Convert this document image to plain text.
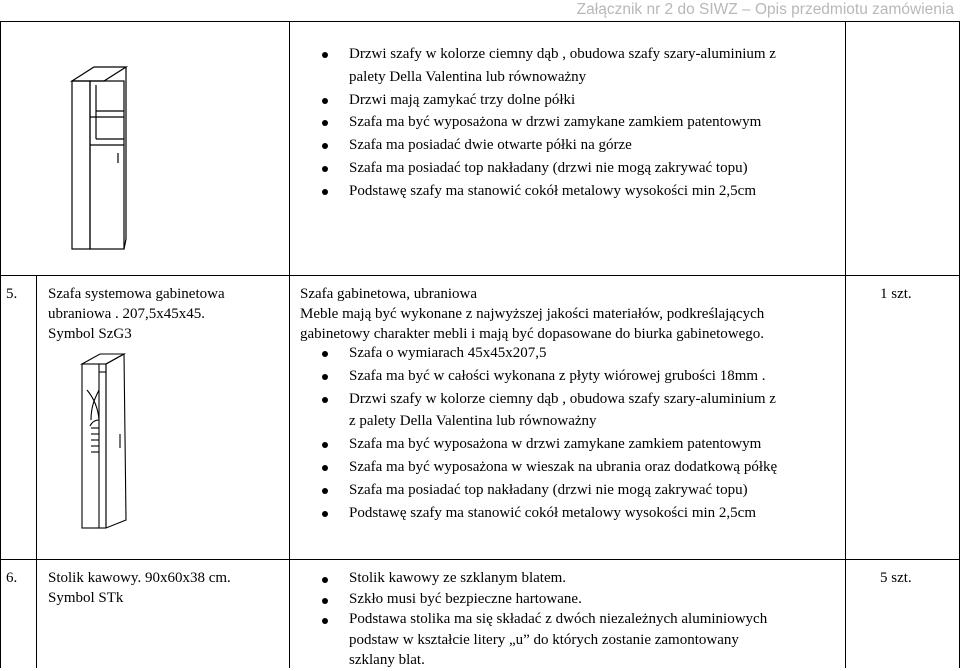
Załącznik nr 2 do SIWZ – Opis przedmiotu zamówienia
Drzwi szafy w kolorze ciemny dąb , obudowa szafy szary-aluminium z
palety Della Valentina lub równoważny
Drzwi mają zamykać trzy dolne półki
Szafa ma być wyposażona w drzwi zamykane zamkiem patentowym
Szafa ma posiadać dwie otwarte półki na górze
Szafa ma posiadać top nakładany (drzwi nie mogą zakrywać topu)
Podstawę szafy ma stanowić cokół metalowy wysokości min 2,5cm
5. Szafa systemowa gabinetowa
ubraniowa . 207,5x45x45.
Symbol SzG3
Szafa gabinetowa, ubraniowa
Meble mają być wykonane z najwyższej jakości materiałów, podkreślających
gabinetowy charakter mebli i mają być dopasowane do biurka gabinetowego.
Szafa o wymiarach 45x45x207,5
Szafa ma być w całości wykonana z płyty wiórowej grubości 18mm .
Drzwi szafy w kolorze ciemny dąb , obudowa szafy szary-aluminium z
z palety Della Valentina lub równoważny
Szafa ma być wyposażona w drzwi zamykane zamkiem patentowym
Szafa ma być wyposażona w wieszak na ubrania oraz dodatkową półkę
Szafa ma posiadać top nakładany (drzwi nie mogą zakrywać topu)
Podstawę szafy ma stanowić cokół metalowy wysokości min 2,5cm
1 szt.
6. Stolik kawowy. 90x60x38 cm.
Symbol STk
Stolik kawowy ze szklanym blatem.
Szkło musi być bezpieczne hartowane.
Podstawa stolika ma się składać z dwóch niezależnych aluminiowych
podstaw w kształcie litery „u” do których zostanie zamontowany
szklany blat.
5 szt.
